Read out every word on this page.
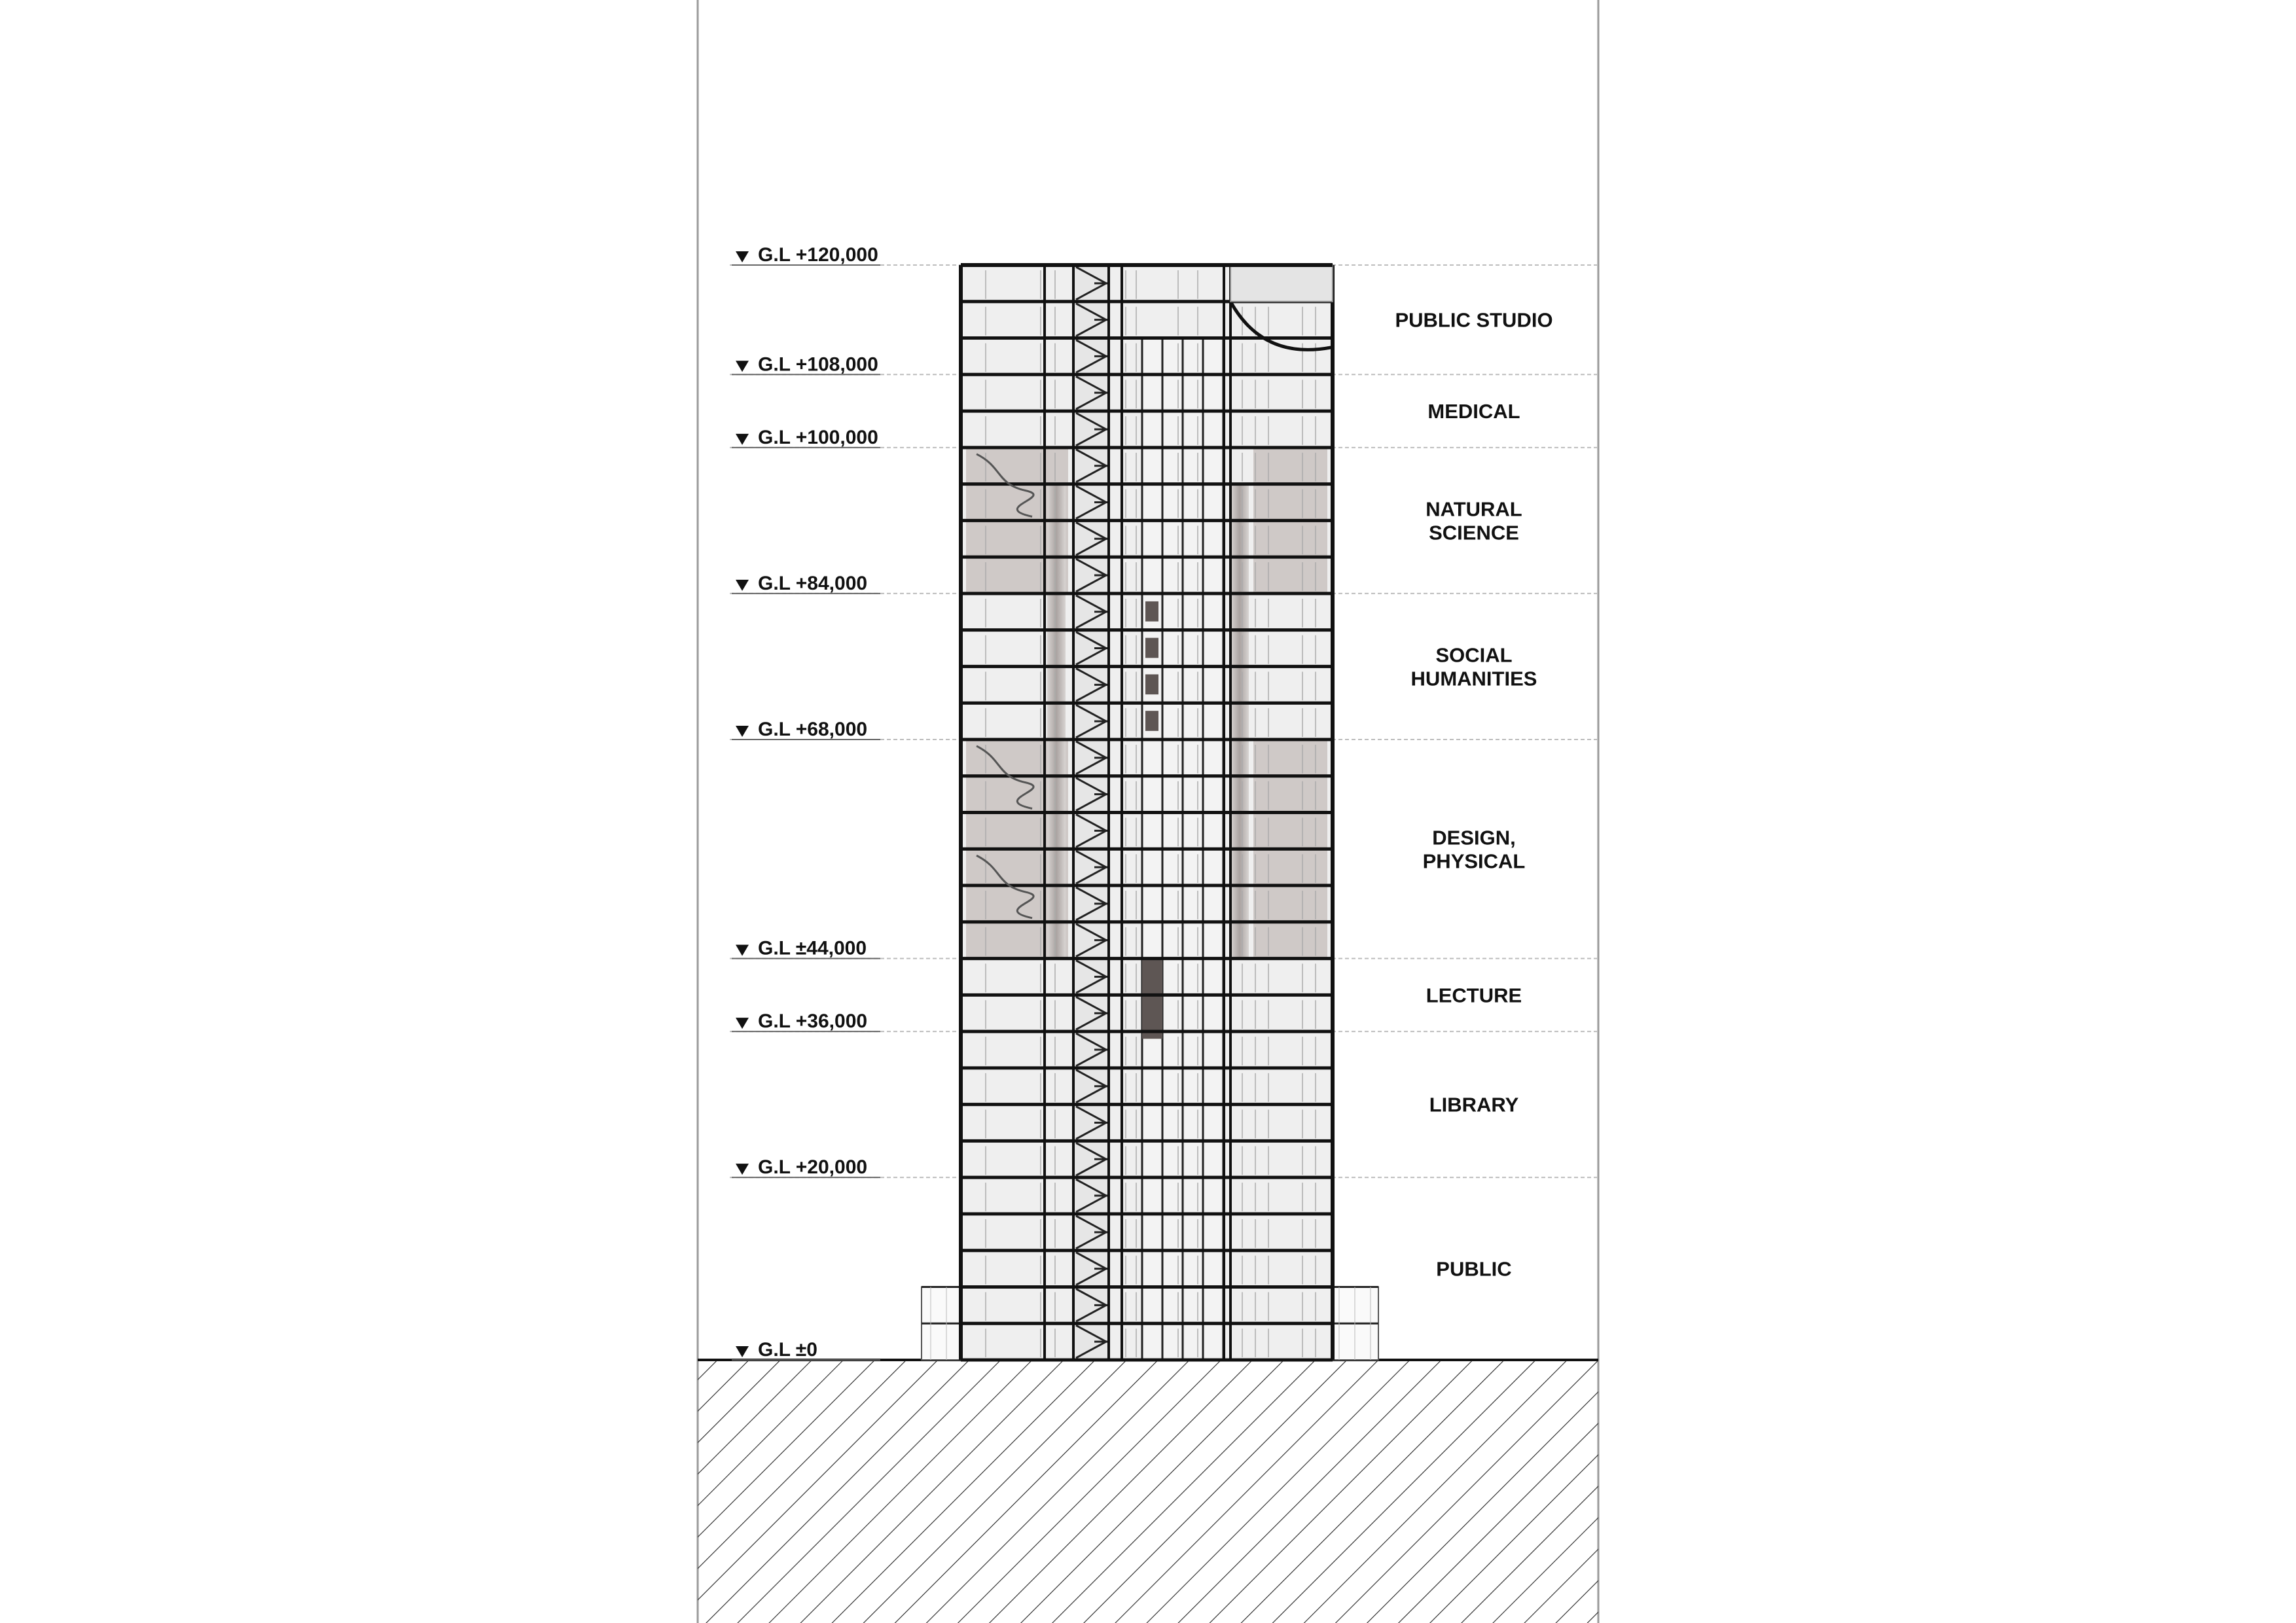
G.L +120,000
G.L +108,000
G.L +100,000
G.L +84,000
G.L +68,000
G.L ±44,000
G.L +36,000
G.L +20,000
G.L ±0
PUBLIC STUDIO
MEDICAL
NATURAL SCIENCE
SOCIAL HUMANITIES
DESIGN, PHYSICAL
LECTURE
LIBRARY
PUBLIC
